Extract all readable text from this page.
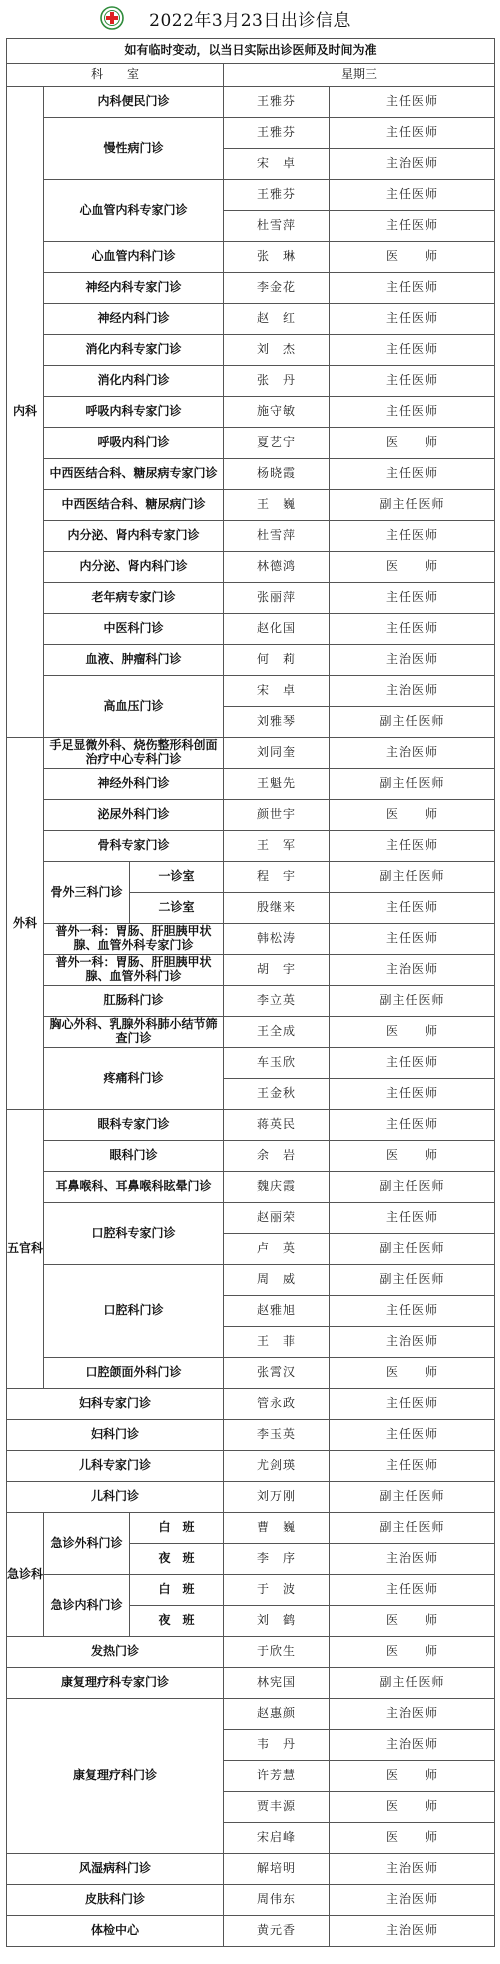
2022年3月23日出诊信息
如有临时变动，以当日实际出诊医师及时间为准				
科　　室			星期三	
内科	内科便民门诊		王雅芬	主任医师
	慢性病门诊		王雅芬	主任医师
			宋　卓	主治医师
	心血管内科专家门诊		王雅芬	主任医师
			杜雪萍	主任医师
	心血管内科门诊		张　琳	医　　师
	神经内科专家门诊		李金花	主任医师
	神经内科门诊		赵　红	主任医师
	消化内科专家门诊		刘　杰	主任医师
	消化内科门诊		张　丹	主任医师
	呼吸内科专家门诊		施守敏	主任医师
	呼吸内科门诊		夏艺宁	医　　师
	中西医结合科、糖尿病专家门诊		杨晓霞	主任医师
	中西医结合科、糖尿病门诊		王　巍	副主任医师
	内分泌、肾内科专家门诊		杜雪萍	主任医师
	内分泌、肾内科门诊		林德鸿	医　　师
	老年病专家门诊		张丽萍	主任医师
	中医科门诊		赵化国	主任医师
	血液、肿瘤科门诊		何　莉	主治医师
	高血压门诊		宋　卓	主治医师
			刘雅琴	副主任医师
外科	手足显微外科、烧伤整形科创面治疗中心专科门诊		刘同奎	主治医师
	神经外科门诊		王魁先	副主任医师
	泌尿外科门诊		颜世宇	医　　师
	骨科专家门诊		王　军	主任医师
	骨外三科门诊	一诊室	程　宇	副主任医师
		二诊室	殷继来	主任医师
	普外一科：胃肠、肝胆胰甲状腺、血管外科专家门诊		韩松涛	主任医师
	普外一科：胃肠、肝胆胰甲状腺、血管外科门诊		胡　宇	主治医师
	肛肠科门诊		李立英	副主任医师
	胸心外科、乳腺外科肺小结节筛查门诊		王全成	医　　师
	疼痛科门诊		车玉欣	主任医师
			王金秋	主任医师
五官科	眼科专家门诊		蒋英民	主任医师
	眼科门诊		余　岩	医　　师
	耳鼻喉科、耳鼻喉科眩晕门诊		魏庆霞	副主任医师
	口腔科专家门诊		赵丽荣	主任医师
			卢　英	副主任医师
	口腔科门诊		周　威	副主任医师
			赵雅旭	主任医师
			王　菲	主治医师
	口腔颌面外科门诊		张霄汉	医　　师
妇科专家门诊			管永政	主任医师
妇科门诊			李玉英	主任医师
儿科专家门诊			尤剑瑛	主任医师
儿科门诊			刘万刚	副主任医师
急诊科	急诊外科门诊	白　班	曹　巍	副主任医师
		夜　班	李　序	主治医师
	急诊内科门诊	白　班	于　波	主任医师
		夜　班	刘　鹤	医　　师
发热门诊			于欣生	医　　师
康复理疗科专家门诊			林宪国	副主任医师
康复理疗科门诊			赵惠颜	主治医师
			韦　丹	主治医师
			许芳慧	医　　师
			贾丰源	医　　师
			宋启峰	医　　师
风湿病科门诊			解培明	主治医师
皮肤科门诊			周伟东	主治医师
体检中心			黄元香	主治医师
